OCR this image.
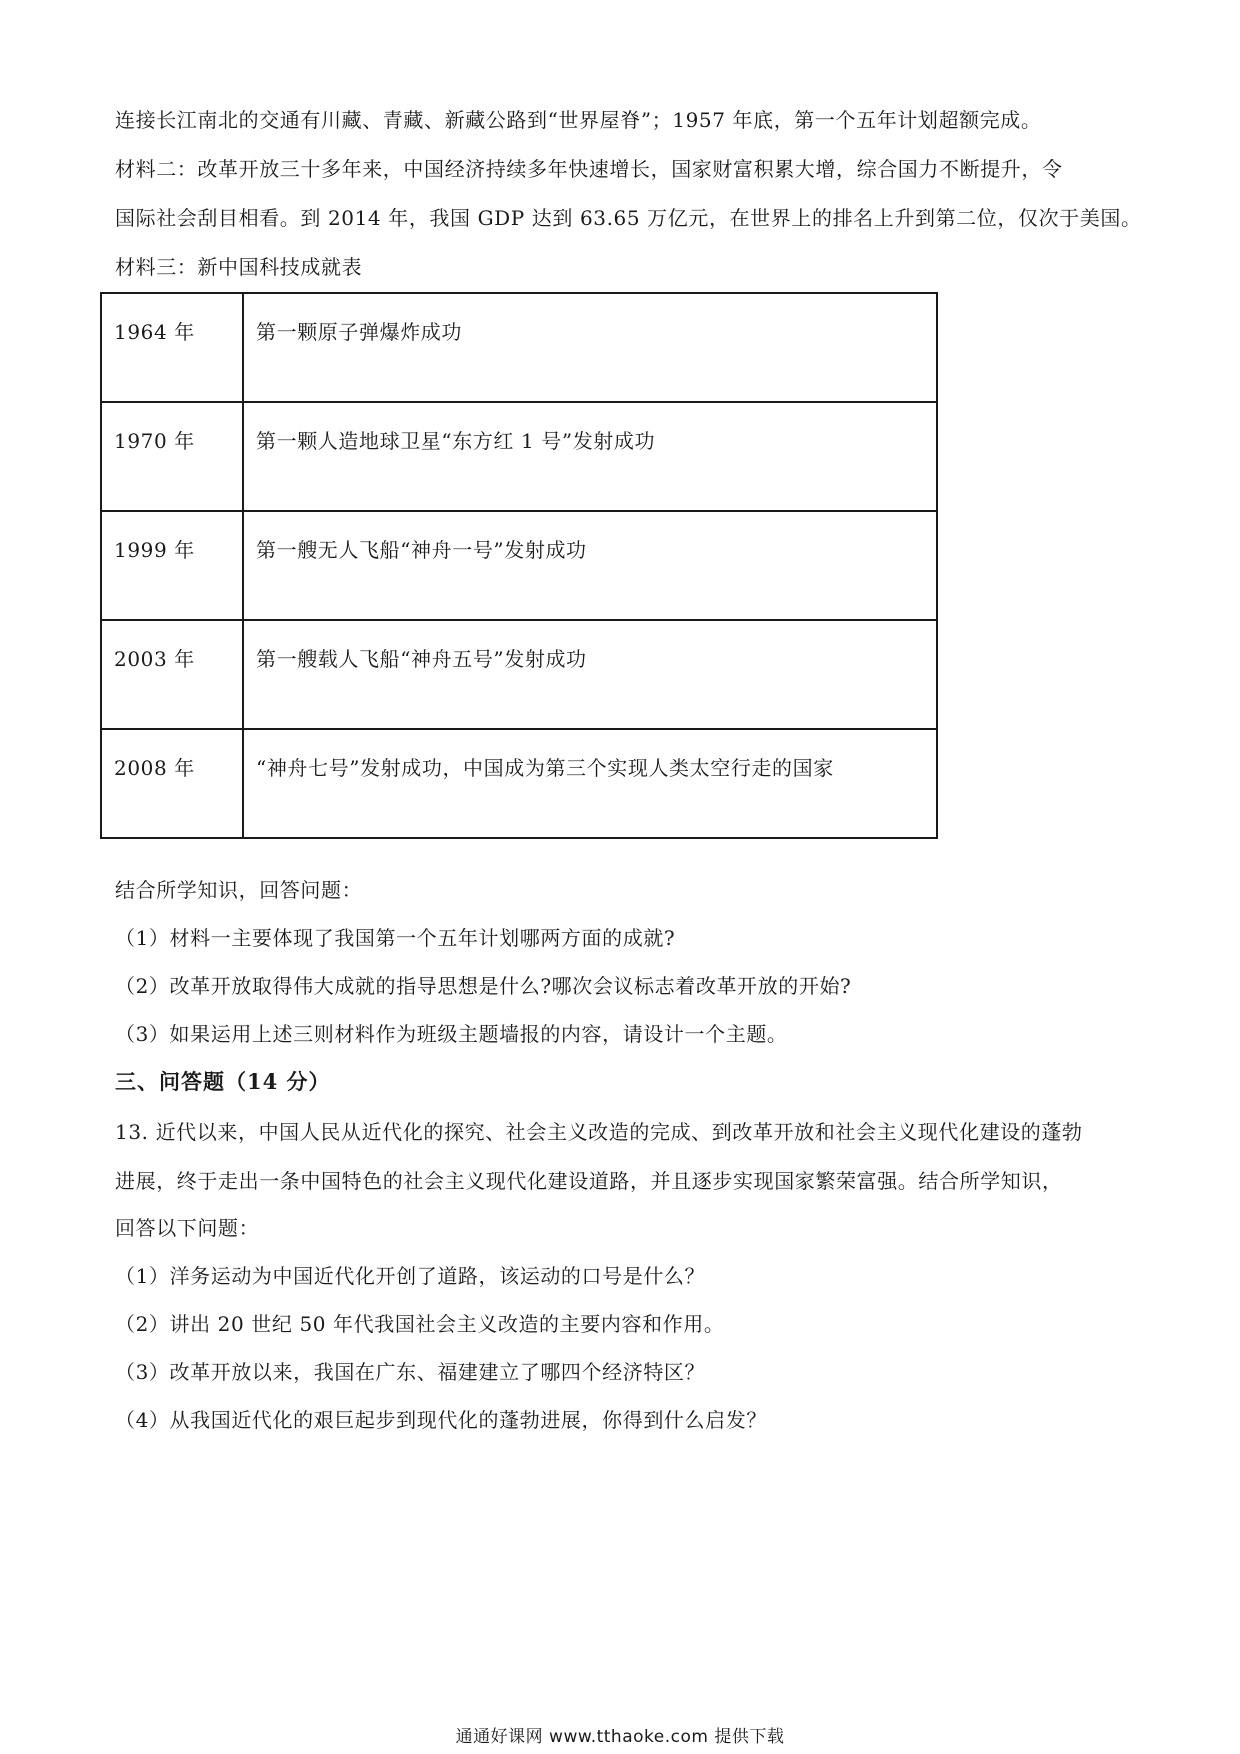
连接长江南北的交通有川藏、青藏、新藏公路到“世界屋脊”；1957 年底，第一个五年计划超额完成。
材料二：改革开放三十多年来，中国经济持续多年快速增长，国家财富积累大增，综合国力不断提升，令
国际社会刮目相看。到 2014 年，我国 GDP 达到 63.65 万亿元，在世界上的排名上升到第二位，仅次于美国。
材料三：新中国科技成就表
1964 年	第一颗原子弹爆炸成功
1970 年	第一颗人造地球卫星“东方红 1 号”发射成功
1999 年	第一艘无人飞船“神舟一号”发射成功
2003 年	第一艘载人飞船“神舟五号”发射成功
2008 年	“神舟七号”发射成功，中国成为第三个实现人类太空行走的国家
结合所学知识，回答问题：
（1）材料一主要体现了我国第一个五年计划哪两方面的成就?
（2）改革开放取得伟大成就的指导思想是什么?哪次会议标志着改革开放的开始?
（3）如果运用上述三则材料作为班级主题墙报的内容，请设计一个主题。
三、问答题（14 分）
13. 近代以来，中国人民从近代化的探究、社会主义改造的完成、到改革开放和社会主义现代化建设的蓬勃
进展，终于走出一条中国特色的社会主义现代化建设道路，并且逐步实现国家繁荣富强。结合所学知识，
回答以下问题：
（1）洋务运动为中国近代化开创了道路，该运动的口号是什么？
（2）讲出 20 世纪 50 年代我国社会主义改造的主要内容和作用。
（3）改革开放以来，我国在广东、福建建立了哪四个经济特区？
（4）从我国近代化的艰巨起步到现代化的蓬勃进展，你得到什么启发？
通通好课网 www.tthaoke.com 提供下载
